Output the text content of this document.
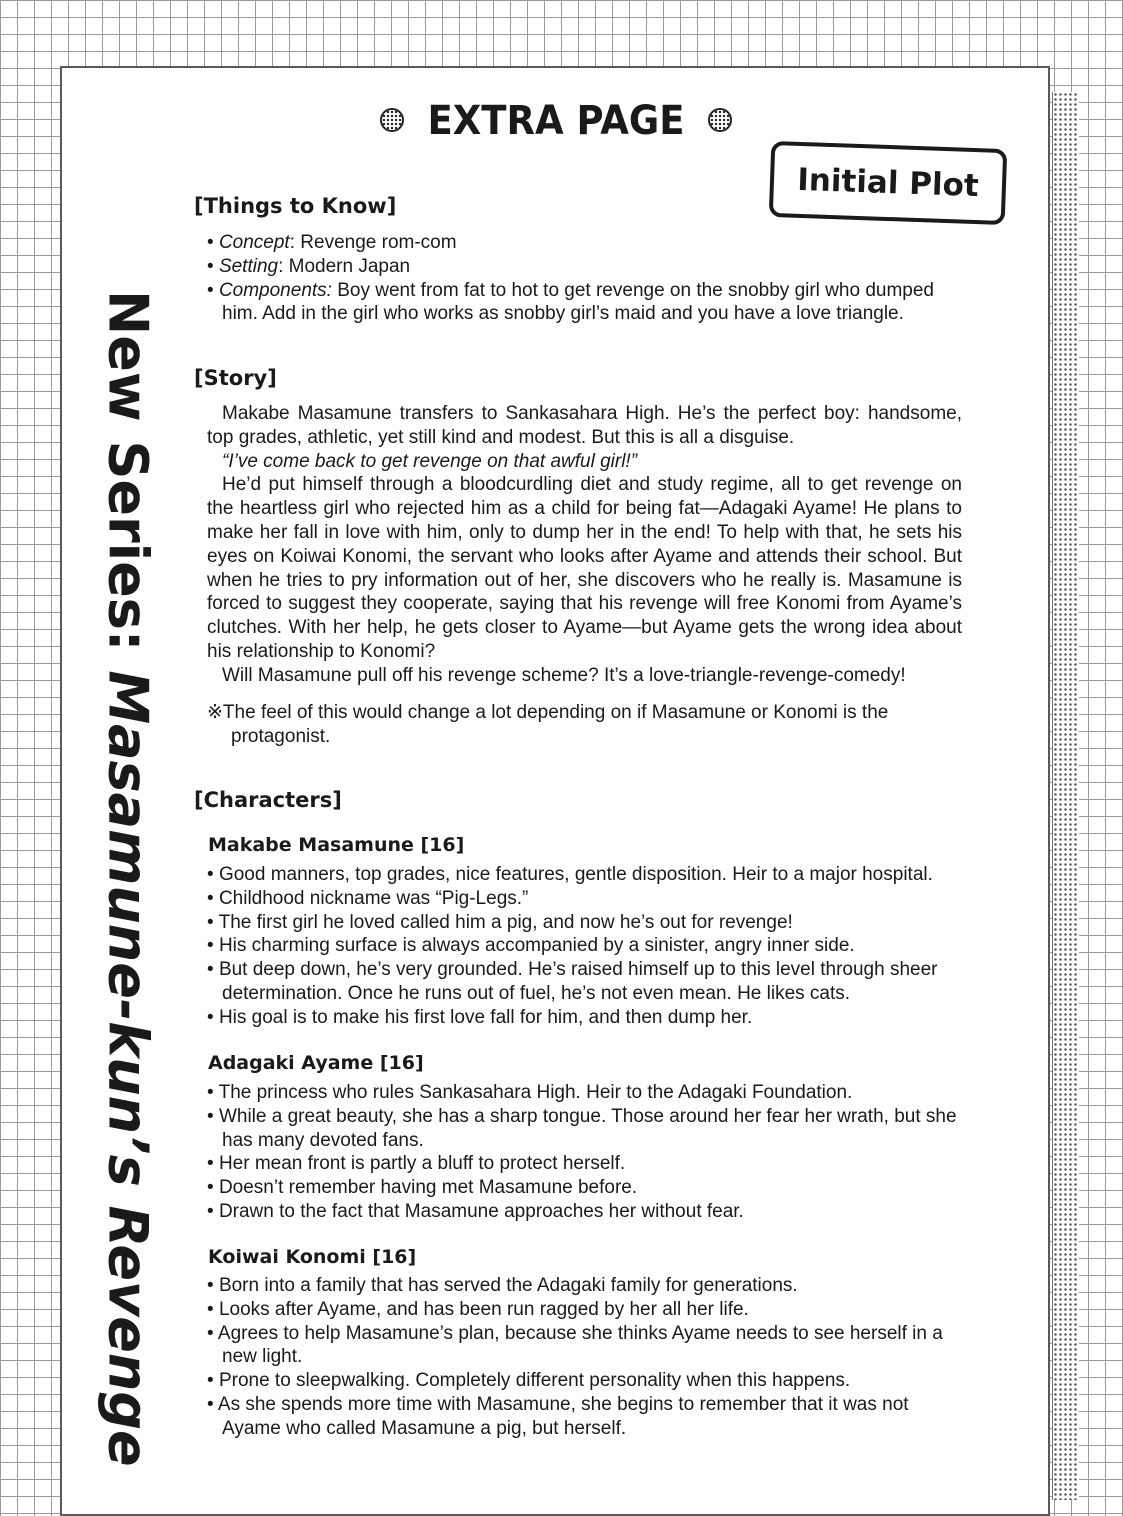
EXTRA PAGE
Initial Plot
New Series: Masamune-kun’s Revenge
[Things to Know]
• Concept: Revenge rom-com
• Setting: Modern Japan
• Components: Boy went from fat to hot to get revenge on the snobby girl who dumped him. Add in the girl who works as snobby girl’s maid and you have a love triangle.
[Story]

Makabe Masamune transfers to Sankasahara High. He’s the perfect boy: handsome, top grades, athletic, yet still kind and modest. But this is all a disguise.

“I’ve come back to get revenge on that awful girl!”

He’d put himself through a bloodcurdling diet and study regime, all to get revenge on the heartless girl who rejected him as a child for being fat—Adagaki Ayame! He plans to make her fall in love with him, only to dump her in the end! To help with that, he sets his eyes on Koiwai Konomi, the servant who looks after Ayame and attends their school. But when he tries to pry information out of her, she discovers who he really is. Masamune is forced to suggest they cooperate, saying that his revenge will free Konomi from Ayame’s clutches. With her help, he gets closer to Ayame—but Ayame gets the wrong idea about his relationship to Konomi?

Will Masamune pull off his revenge scheme? It’s a love-triangle-revenge-comedy!

※The feel of this would change a lot depending on if Masamune or Konomi is the protagonist.
[Characters]
Makabe Masamune [16]
• Good manners, top grades, nice features, gentle disposition. Heir to a major hospital.
• Childhood nickname was “Pig-Legs.”
• The first girl he loved called him a pig, and now he’s out for revenge!
• His charming surface is always accompanied by a sinister, angry inner side.
• But deep down, he’s very grounded. He’s raised himself up to this level through sheer determination. Once he runs out of fuel, he’s not even mean. He likes cats.
• His goal is to make his first love fall for him, and then dump her.
Adagaki Ayame [16]
• The princess who rules Sankasahara High. Heir to the Adagaki Foundation.
• While a great beauty, she has a sharp tongue. Those around her fear her wrath, but she has many devoted fans.
• Her mean front is partly a bluff to protect herself.
• Doesn’t remember having met Masamune before.
• Drawn to the fact that Masamune approaches her without fear.
Koiwai Konomi [16]
• Born into a family that has served the Adagaki family for generations.
• Looks after Ayame, and has been run ragged by her all her life.
• Agrees to help Masamune’s plan, because she thinks Ayame needs to see herself in a new light.
• Prone to sleepwalking. Completely different personality when this happens.
• As she spends more time with Masamune, she begins to remember that it was not Ayame who called Masamune a pig, but herself.
